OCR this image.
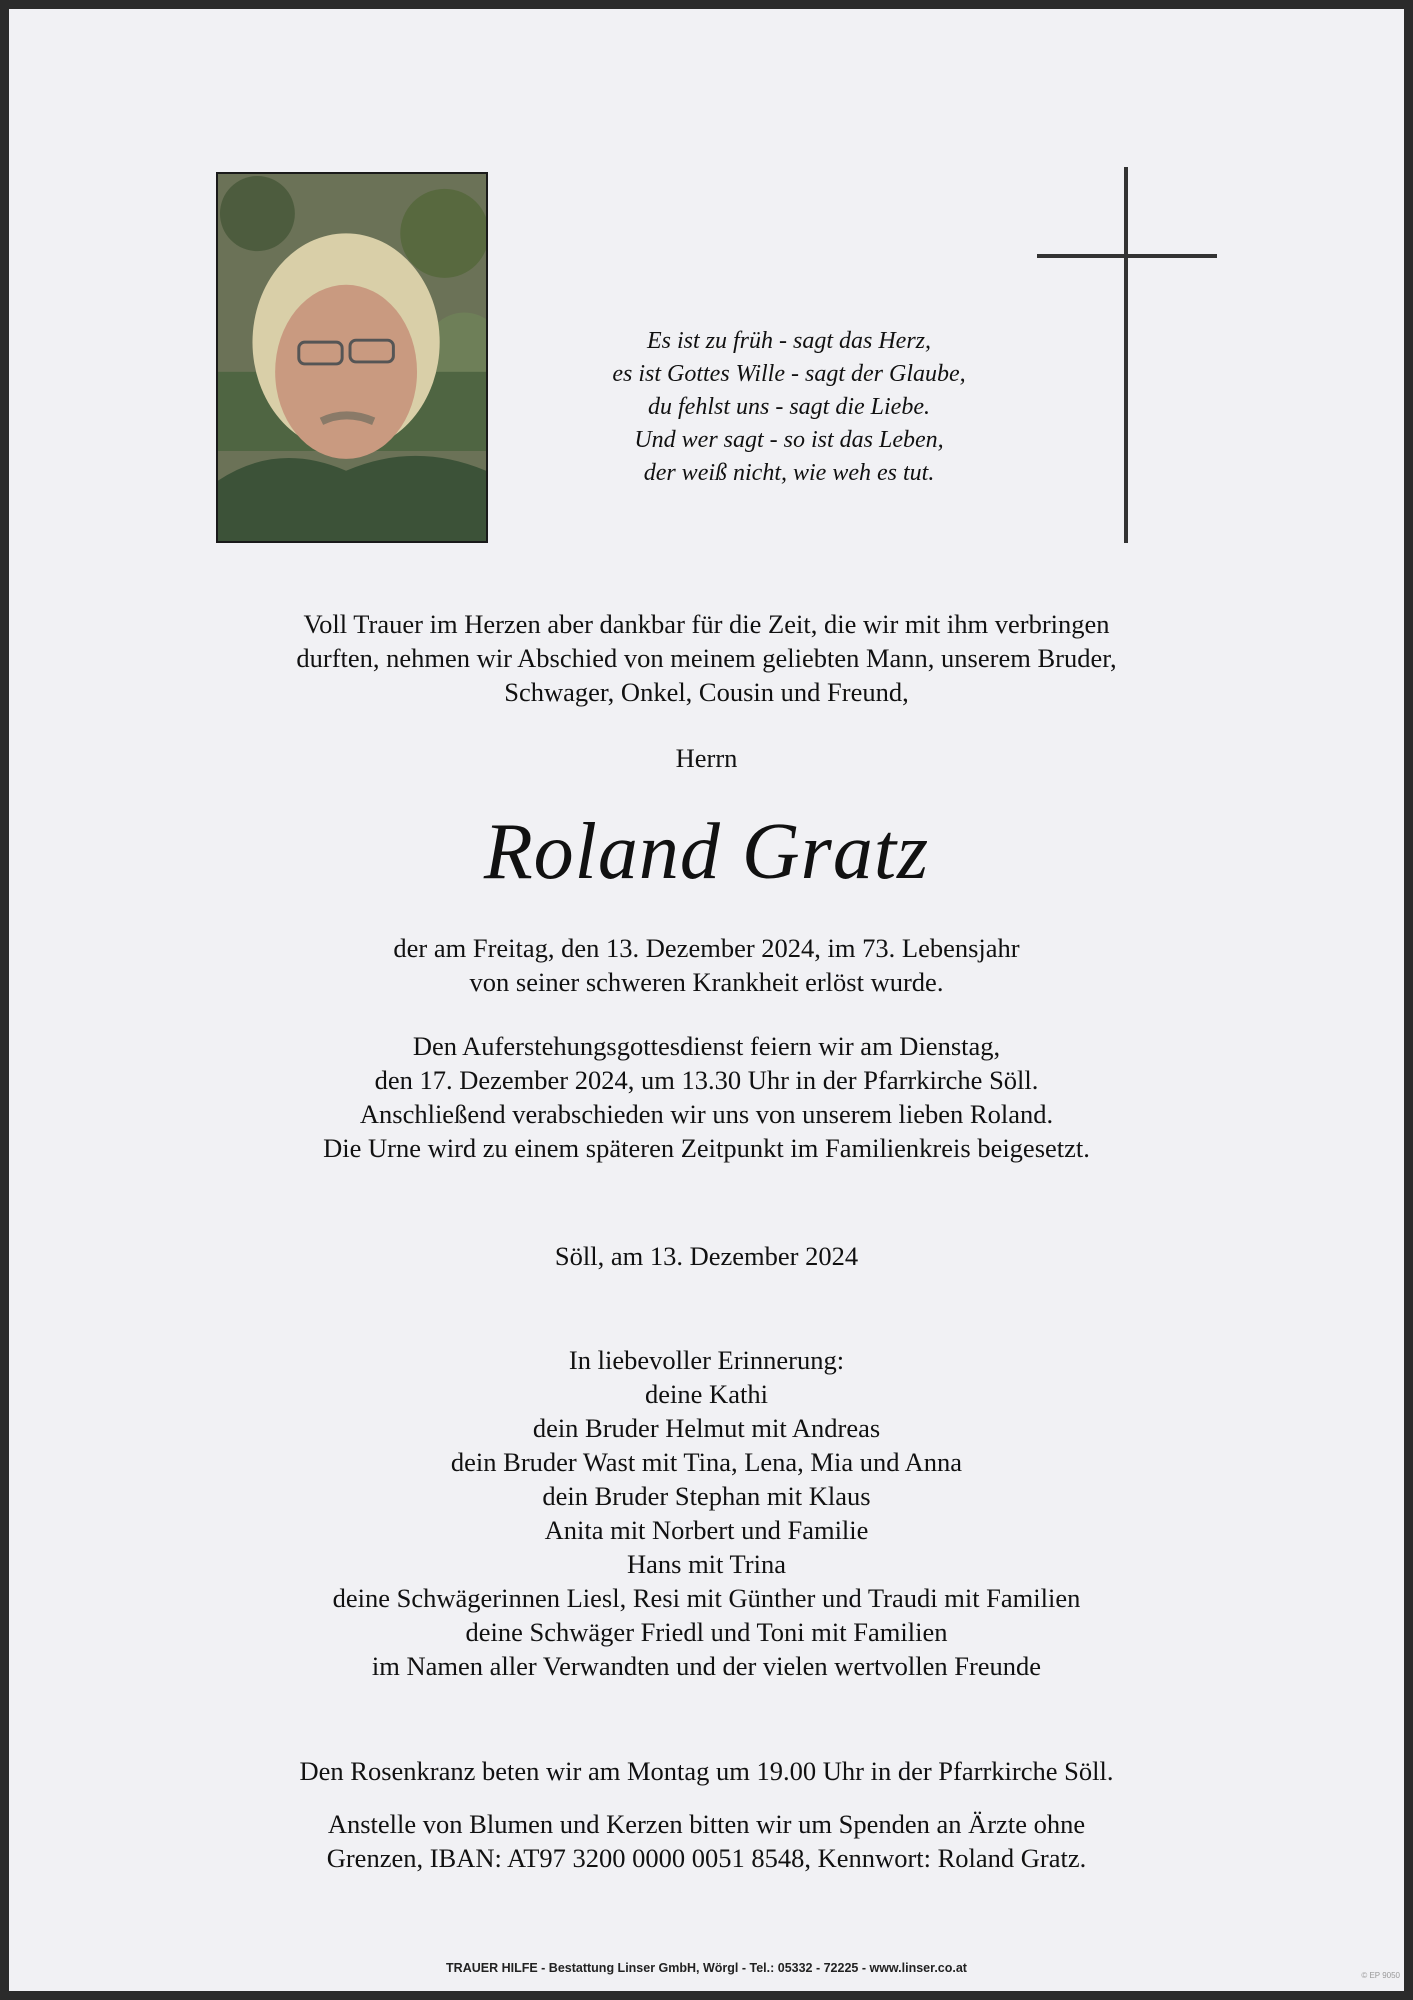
Es ist zu früh - sagt das Herz,
es ist Gottes Wille - sagt der Glaube,
du fehlst uns - sagt die Liebe.
Und wer sagt - so ist das Leben,
der weiß nicht, wie weh es tut.
Voll Trauer im Herzen aber dankbar für die Zeit, die wir mit ihm verbringen
durften, nehmen wir Abschied von meinem geliebten Mann, unserem Bruder,
Schwager, Onkel, Cousin und Freund,
Herrn
Roland Gratz
der am Freitag, den 13. Dezember 2024, im 73. Lebensjahr
von seiner schweren Krankheit erlöst wurde.
Den Auferstehungsgottesdienst feiern wir am Dienstag,
den 17. Dezember 2024, um 13.30 Uhr in der Pfarrkirche Söll.
Anschließend verabschieden wir uns von unserem lieben Roland.
Die Urne wird zu einem späteren Zeitpunkt im Familienkreis beigesetzt.
Söll, am 13. Dezember 2024
In liebevoller Erinnerung:
deine Kathi
dein Bruder Helmut mit Andreas
dein Bruder Wast mit Tina, Lena, Mia und Anna
dein Bruder Stephan mit Klaus
Anita mit Norbert und Familie
Hans mit Trina
deine Schwägerinnen Liesl, Resi mit Günther und Traudi mit Familien
deine Schwäger Friedl und Toni mit Familien
im Namen aller Verwandten und der vielen wertvollen Freunde
Den Rosenkranz beten wir am Montag um 19.00 Uhr in der Pfarrkirche Söll.
Anstelle von Blumen und Kerzen bitten wir um Spenden an Ärzte ohne
Grenzen, IBAN: AT97 3200 0000 0051 8548, Kennwort: Roland Gratz.
TRAUER HILFE - Bestattung Linser GmbH, Wörgl - Tel.: 05332 - 72225 - www.linser.co.at
© EP 9050
